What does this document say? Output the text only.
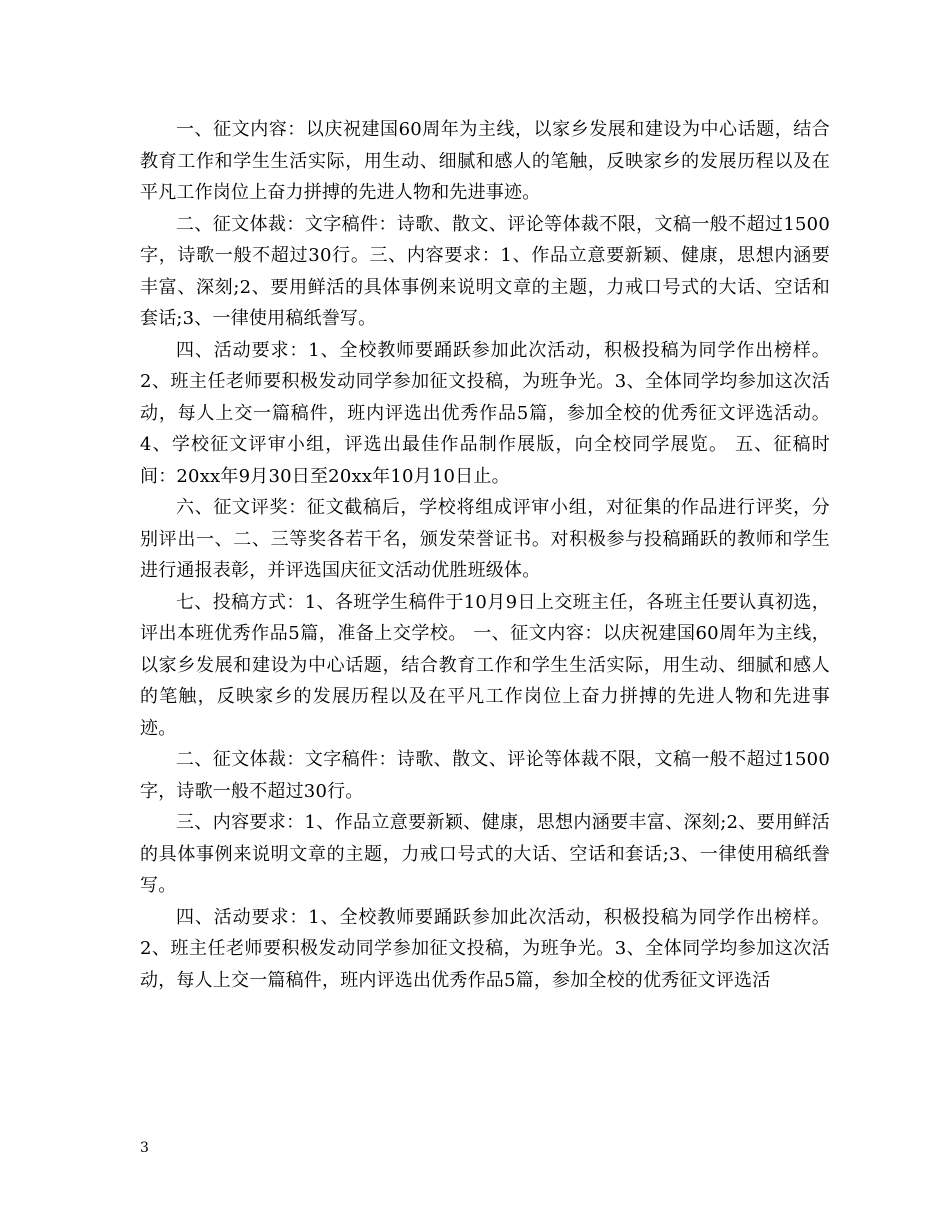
一、征文内容：以庆祝建国60周年为主线，以家乡发展和建设为中心话题，结合教育工作和学生生活实际，用生动、细腻和感人的笔触，反映家乡的发展历程以及在平凡工作岗位上奋力拼搏的先进人物和先进事迹。

二、征文体裁：文字稿件：诗歌、散文、评论等体裁不限，文稿一般不超过1500字，诗歌一般不超过30行。三、内容要求：1、作品立意要新颖、健康，思想内涵要丰富、深刻;2、要用鲜活的具体事例来说明文章的主题，力戒口号式的大话、空话和套话;3、一律使用稿纸誊写。

四、活动要求：1、全校教师要踊跃参加此次活动，积极投稿为同学作出榜样。2、班主任老师要积极发动同学参加征文投稿，为班争光。3、全体同学均参加这次活动，每人上交一篇稿件，班内评选出优秀作品5篇，参加全校的优秀征文评选活动。4、学校征文评审小组，评选出最佳作品制作展版，向全校同学展览。 五、征稿时间：20xx年9月30日至20xx年10月10日止。

六、征文评奖：征文截稿后，学校将组成评审小组，对征集的作品进行评奖，分别评出一、二、三等奖各若干名，颁发荣誉证书。对积极参与投稿踊跃的教师和学生进行通报表彰，并评选国庆征文活动优胜班级体。

七、投稿方式：1、各班学生稿件于10月9日上交班主任，各班主任要认真初选，评出本班优秀作品5篇，准备上交学校。 一、征文内容：以庆祝建国60周年为主线，以家乡发展和建设为中心话题，结合教育工作和学生生活实际，用生动、细腻和感人的笔触，反映家乡的发展历程以及在平凡工作岗位上奋力拼搏的先进人物和先进事迹。

二、征文体裁：文字稿件：诗歌、散文、评论等体裁不限，文稿一般不超过1500字，诗歌一般不超过30行。

三、内容要求：1、作品立意要新颖、健康，思想内涵要丰富、深刻;2、要用鲜活的具体事例来说明文章的主题，力戒口号式的大话、空话和套话;3、一律使用稿纸誊写。

四、活动要求：1、全校教师要踊跃参加此次活动，积极投稿为同学作出榜样。2、班主任老师要积极发动同学参加征文投稿，为班争光。3、全体同学均参加这次活动，每人上交一篇稿件，班内评选出优秀作品5篇，参加全校的优秀征文评选活

3
